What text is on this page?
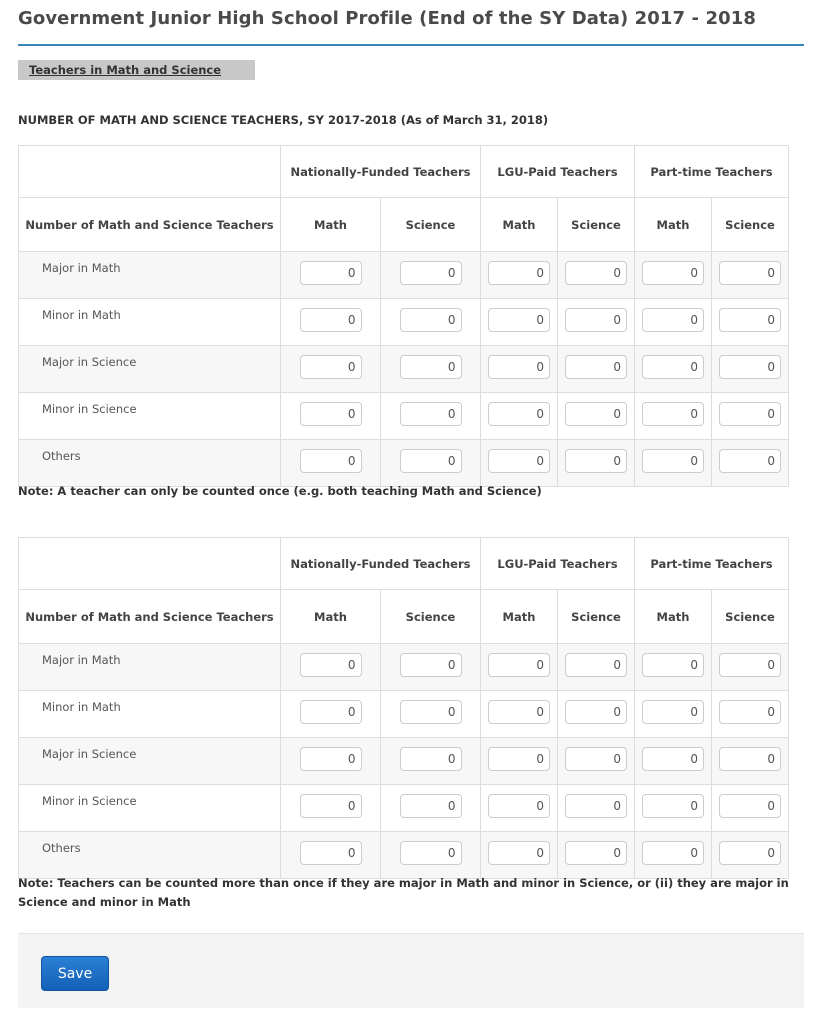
Government Junior High School Profile (End of the SY Data) 2017 - 2018
Teachers in Math and Science
NUMBER OF MATH AND SCIENCE TEACHERS, SY 2017-2018 (As of March 31, 2018)
	Nationally-Funded Teachers		LGU-Paid Teachers		Part-time Teachers	
Number of Math and Science Teachers	Math	Science	Math	Science	Math	Science
Major in Math	0	0	0	0	0	0
Minor in Math	0	0	0	0	0	0
Major in Science	0	0	0	0	0	0
Minor in Science	0	0	0	0	0	0
Others	0	0	0	0	0	0
Note: A teacher can only be counted once (e.g. both teaching Math and Science)
	Nationally-Funded Teachers		LGU-Paid Teachers		Part-time Teachers	
Number of Math and Science Teachers	Math	Science	Math	Science	Math	Science
Major in Math	0	0	0	0	0	0
Minor in Math	0	0	0	0	0	0
Major in Science	0	0	0	0	0	0
Minor in Science	0	0	0	0	0	0
Others	0	0	0	0	0	0
Note: Teachers can be counted more than once if they are major in Math and minor in Science, or (ii) they are major in Science and minor in Math
Save
